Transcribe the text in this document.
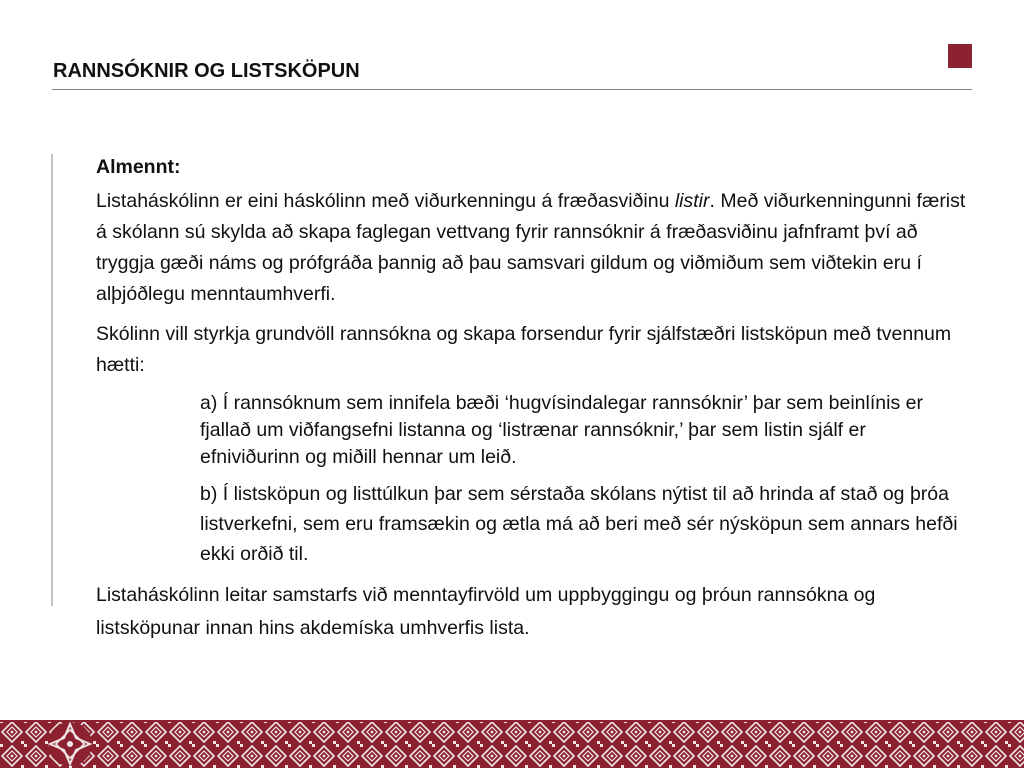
RANNSÓKNIR OG LISTSKÖPUN
Almennt:

Listaháskólinn er eini háskólinn með viðurkenningu á fræðasviðinu listir. Með viðurkenningunni færist á skólann sú skylda að skapa faglegan vettvang fyrir rannsóknir á fræðasviðinu jafnframt því að tryggja gæði náms og prófgráða þannig að þau samsvari gildum og viðmiðum sem viðtekin eru í alþjóðlegu menntaumhverfi.

Skólinn vill styrkja grundvöll rannsókna og skapa forsendur fyrir sjálfstæðri listsköpun með tvennum hætti:

a) Í rannsóknum sem innifela bæði ‘hugvísindalegar rannsóknir’ þar sem beinlínis er fjallað um viðfangsefni listanna og ‘listrænar rannsóknir,’ þar sem listin sjálf er efniviðurinn og miðill hennar um leið.

b) Í listsköpun og listtúlkun þar sem sérstaða skólans nýtist til að hrinda af stað og þróa listverkefni, sem eru framsækin og ætla má að beri með sér nýsköpun sem annars hefði ekki orðið til.

Listaháskólinn leitar samstarfs við menntayfirvöld um uppbyggingu og þróun rannsókna og listsköpunar innan hins akdemíska umhverfis lista.
